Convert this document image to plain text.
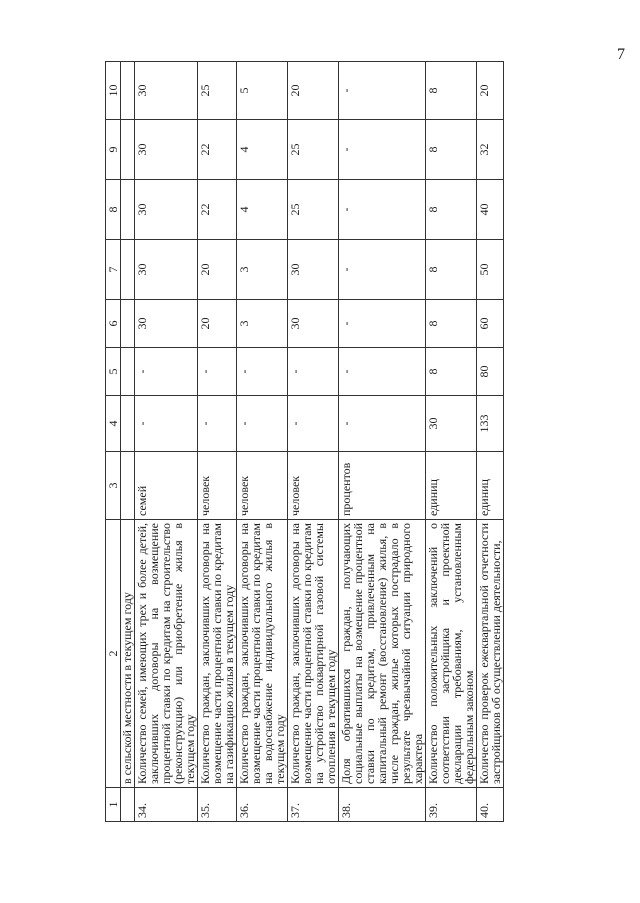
7
1	2	3	4	5	6	7	8	9	10
	в сельской местности в текущем году								
34.	Количество семей, имеющих трех и более детей, заключивших договоры на возмещение процентной ставки по кредитам на строительство (реконструкцию) или приобретение жилья в текущем году	семей	-	-	30	30	30	30	30
35.	Количество граждан, заключивших договоры на возмещение части процентной ставки по кредитам на газификацию жилья в текущем году	человек	-	-	20	20	22	22	25
36.	Количество граждан, заключивших договоры на возмещение части процентной ставки по кредитам на водоснабжение индивидуального жилья в текущем году	человек	-	-	3	3	4	4	5
37.	Количество граждан, заключивших договоры на возмещение части процентной ставки по кредитам на устройство поквартирной газовой системы отопления в текущем году	человек	-	-	30	30	25	25	20
38.	Доля обратившихся граждан, получающих социальные выплаты на возмещение процентной ставки по кредитам, привлеченным на капитальный ремонт (восстановление) жилья, в числе граждан, жилье которых пострадало в результате чрезвычайной ситуации природного характера	процентов	-	-	-	-	-	-	-
39.	Количество положительных заключений о соответствии застройщика и проектной декларации требованиям, установленным федеральным законом	единиц	30	8	8	8	8	8	8
40.	Количество проверок ежеквартальной отчетности застройщиков об осуществлении деятельности,	единиц	133	80	60	50	40	32	20
